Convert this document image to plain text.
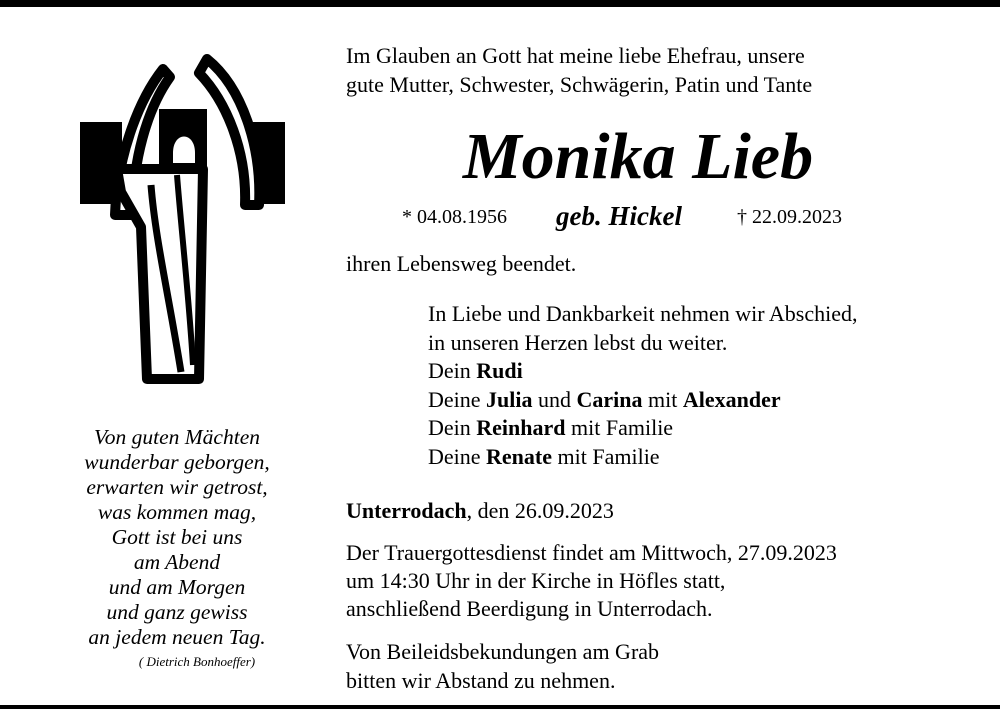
Von guten Mächten
wunderbar geborgen,
erwarten wir getrost,
was kommen mag,
Gott ist bei uns
am Abend
und am Morgen
und ganz gewiss
an jedem neuen Tag.
( Dietrich Bonhoeffer)
Im Glauben an Gott hat meine liebe Ehefrau, unsere
gute Mutter, Schwester, Schwägerin, Patin und Tante
Monika Lieb
* 04.08.1956 geb. Hickel	† 22.09.2023
ihren Lebensweg beendet.
In Liebe und Dankbarkeit nehmen wir Abschied,
in unseren Herzen lebst du weiter.
Dein Rudi
Deine Julia und Carina mit Alexander
Dein Reinhard mit Familie
Deine Renate mit Familie
Unterrodach, den 26.09.2023
Der Trauergottesdienst findet am Mittwoch, 27.09.2023
um 14:30 Uhr in der Kirche in Höfles statt,
anschließend Beerdigung in Unterrodach.
Von Beileidsbekundungen am Grab
bitten wir Abstand zu nehmen.
